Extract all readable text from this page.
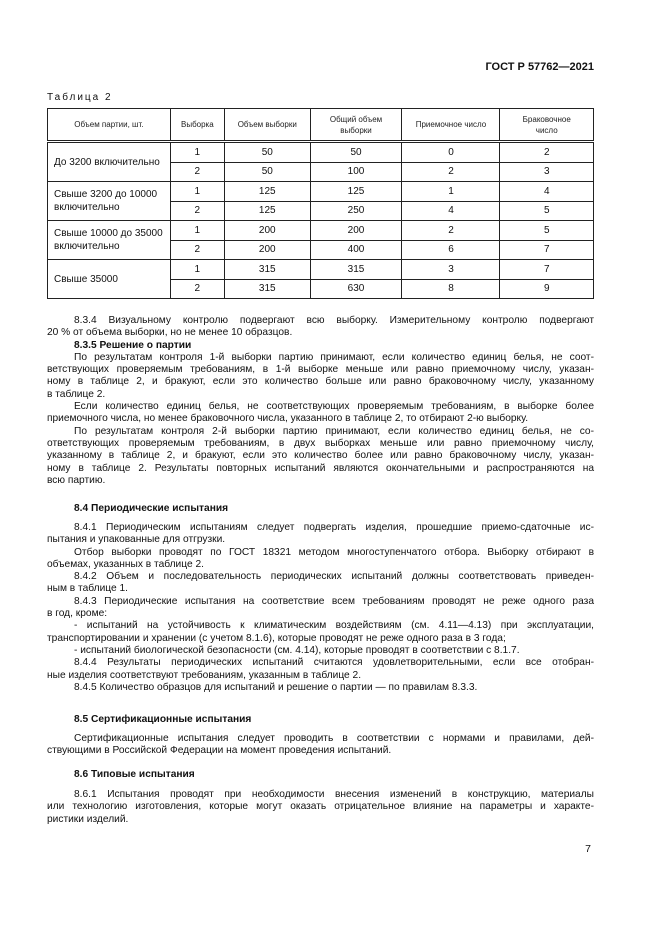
ГОСТ Р 57762—2021
Таблица 2
Объем партии, шт.	Выборка	Объем выборки	Общий объем выборки	Приемочное число	Браковочное число
До 3200 включительно	1	50	50	0	2
	2	50	100	2	3
Свыше 3200 до 10000 включительно	1	125	125	1	4
	2	125	250	4	5
Свыше 10000 до 35000 включительно	1	200	200	2	5
	2	200	400	6	7
Свыше 35000	1	315	315	3	7
	2	315	630	8	9
8.3.4 Визуальному контролю подвергают всю выборку. Измерительному контролю подвергают
20 % от объема выборки, но не менее 10 образцов.
8.3.5 Решение о партии
По результатам контроля 1-й выборки партию принимают, если количество единиц белья, не соот-
ветствующих проверяемым требованиям, в 1-й выборке меньше или равно приемочному числу, указан-
ному в таблице 2, и бракуют, если это количество больше или равно браковочному числу, указанному
в таблице 2.
Если количество единиц белья, не соответствующих проверяемым требованиям, в выборке более
приемочного числа, но менее браковочного числа, указанного в таблице 2, то отбирают 2-ю выборку.
По результатам контроля 2-й выборки партию принимают, если количество единиц белья, не со-
ответствующих проверяемым требованиям, в двух выборках меньше или равно приемочному числу,
указанному в таблице 2, и бракуют, если это количество более или равно браковочному числу, указан-
ному в таблице 2. Результаты повторных испытаний являются окончательными и распространяются на
всю партию.
8.4 Периодические испытания
8.4.1 Периодическим испытаниям следует подвергать изделия, прошедшие приемо-сдаточные ис-
пытания и упакованные для отгрузки.
Отбор выборки проводят по ГОСТ 18321 методом многоступенчатого отбора. Выборку отбирают в
объемах, указанных в таблице 2.
8.4.2 Объем и последовательность периодических испытаний должны соответствовать приведен-
ным в таблице 1.
8.4.3 Периодические испытания на соответствие всем требованиям проводят не реже одного раза
в год, кроме:
- испытаний на устойчивость к климатическим воздействиям (см. 4.11—4.13) при эксплуатации,
транспортировании и хранении (с учетом 8.1.6), которые проводят не реже одного раза в 3 года;
- испытаний биологической безопасности (см. 4.14), которые проводят в соответствии с 8.1.7.
8.4.4 Результаты периодических испытаний считаются удовлетворительными, если все отобран-
ные изделия соответствуют требованиям, указанным в таблице 2.
8.4.5 Количество образцов для испытаний и решение о партии — по правилам 8.3.3.
8.5 Сертификационные испытания
Сертификационные испытания следует проводить в соответствии с нормами и правилами, дей-
ствующими в Российской Федерации на момент проведения испытаний.
8.6 Типовые испытания
8.6.1 Испытания проводят при необходимости внесения изменений в конструкцию, материалы
или технологию изготовления, которые могут оказать отрицательное влияние на параметры и характе-
ристики изделий.
7
